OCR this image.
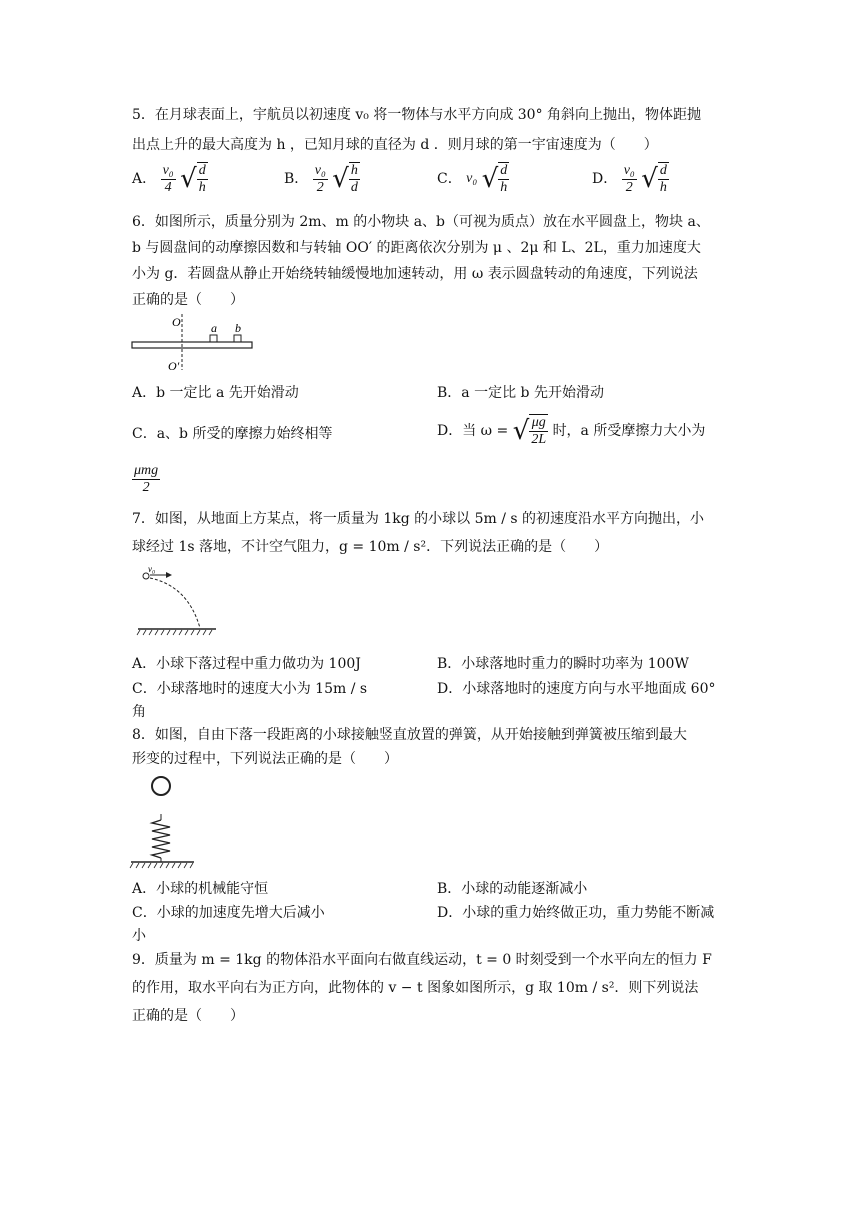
5．在月球表面上，宇航员以初速度 v₀ 将一物体与水平方向成 30° 角斜向上抛出，物体距抛
出点上升的最大高度为 h ，已知月球的直径为 d ．则月球的第一宇宙速度为（　　）
A． $\frac{\text{v₀}}{4}$ √ $\frac{d}{h}$	B． $\frac{\text{v₀}}{2}$ √ $\frac{h}{d}$	C． v₀ √ $\frac{d}{h}$	D． $\frac{\text{v₀}}{2}$ √ $\frac{d}{h}$
6．如图所示，质量分别为 2m、m 的小物块 a、b（可视为质点）放在水平圆盘上，物块 a、
b 与圆盘间的动摩擦因数和与转轴 OO′ 的距离依次分别为 μ 、2μ 和 L、2L，重力加速度大
小为 g．若圆盘从静止开始绕转轴缓慢地加速转动，用 ω 表示圆盘转动的角速度，下列说法
正确的是（　　）
O
O′
a b
A．b 一定比 a 先开始滑动	B．a 一定比 b 先开始滑动
C．a、b 所受的摩擦力始终相等	D．当 ω = √ $\frac{\mu g}{2L}$ 时，a 所受摩擦力大小为
$\frac{\text{μmg}}{2}$
7．如图，从地面上方某点，将一质量为 1kg 的小球以 5m / s 的初速度沿水平方向抛出，小
球经过 1s 落地，不计空气阻力，g = 10m / s²．下列说法正确的是（　　）
v₀
A．小球下落过程中重力做功为 100J	B．小球落地时重力的瞬时功率为 100W
C．小球落地时的速度大小为 15m / s	D．小球落地时的速度方向与水平地面成 60°
角
8．如图，自由下落一段距离的小球接触竖直放置的弹簧，从开始接触到弹簧被压缩到最大
形变的过程中，下列说法正确的是（　　）
A．小球的机械能守恒	B．小球的动能逐渐减小
C．小球的加速度先增大后减小	D．小球的重力始终做正功，重力势能不断减
小
9．质量为 m = 1kg 的物体沿水平面向右做直线运动，t = 0 时刻受到一个水平向左的恒力 F
的作用，取水平向右为正方向，此物体的 v − t 图象如图所示，g 取 10m / s²．则下列说法
正确的是（　　）
